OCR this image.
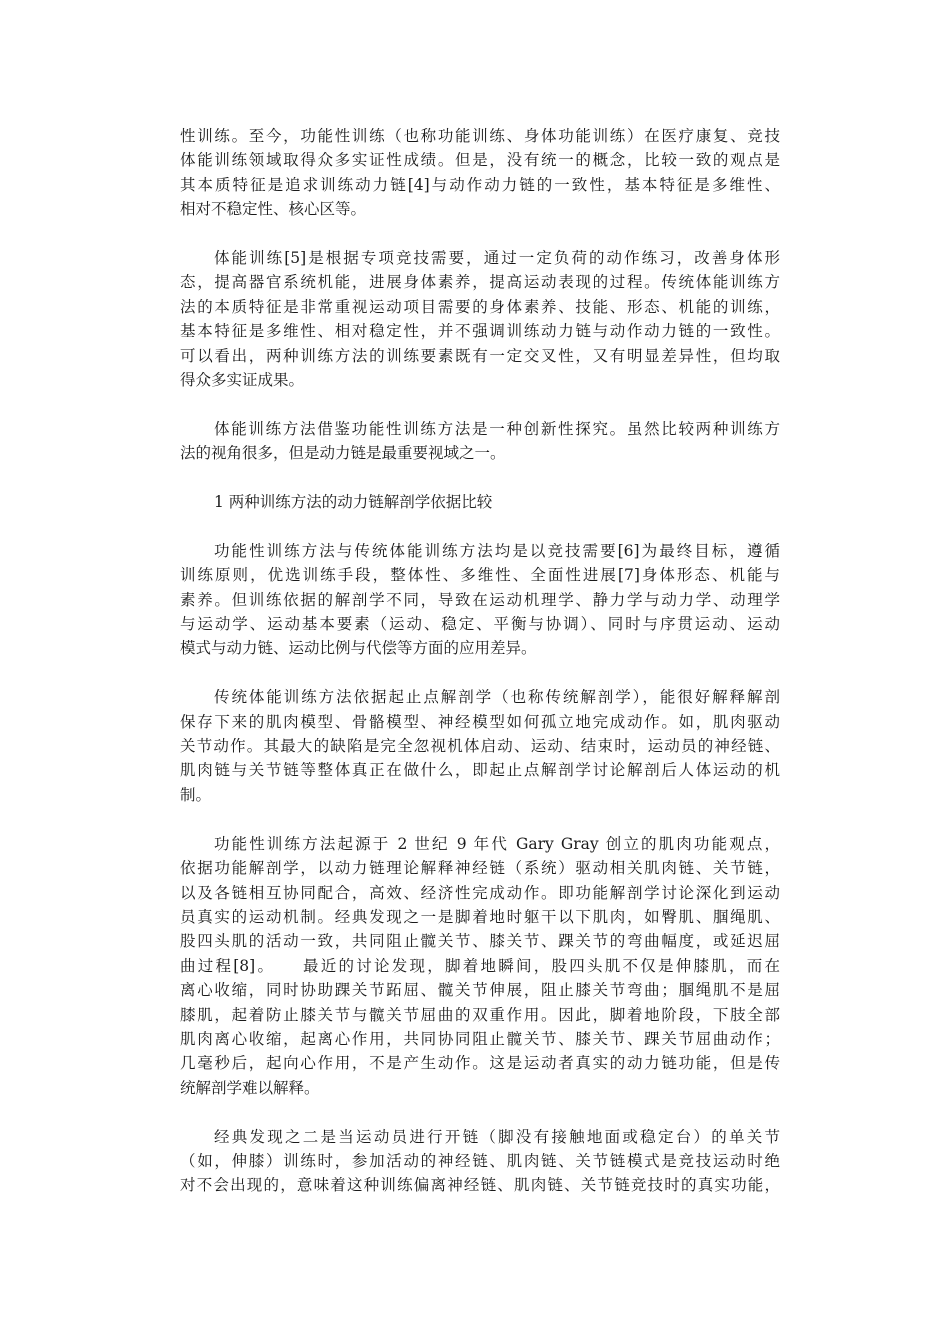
性训练。至今，功能性训练（也称功能训练、身体功能训练）在医疗康复、竞技
体能训练领域取得众多实证性成绩。但是，没有统一的概念，比较一致的观点是
其本质特征是追求训练动力链[4]与动作动力链的一致性，基本特征是多维性、
相对不稳定性、核心区等。
体能训练[5]是根据专项竞技需要，通过一定负荷的动作练习，改善身体形
态，提高器官系统机能，进展身体素养，提高运动表现的过程。传统体能训练方
法的本质特征是非常重视运动项目需要的身体素养、技能、形态、机能的训练，
基本特征是多维性、相对稳定性，并不强调训练动力链与动作动力链的一致性。
可以看出，两种训练方法的训练要素既有一定交叉性，又有明显差异性，但均取
得众多实证成果。
体能训练方法借鉴功能性训练方法是一种创新性探究。虽然比较两种训练方
法的视角很多，但是动力链是最重要视域之一。
1 两种训练方法的动力链解剖学依据比较
功能性训练方法与传统体能训练方法均是以竞技需要[6]为最终目标，遵循
训练原则，优选训练手段，整体性、多维性、全面性进展[7]身体形态、机能与
素养。但训练依据的解剖学不同，导致在运动机理学、静力学与动力学、动理学
与运动学、运动基本要素（运动、稳定、平衡与协调）、同时与序贯运动、运动
模式与动力链、运动比例与代偿等方面的应用差异。
传统体能训练方法依据起止点解剖学（也称传统解剖学），能很好解释解剖
保存下来的肌肉模型、骨骼模型、神经模型如何孤立地完成动作。如，肌肉驱动
关节动作。其最大的缺陷是完全忽视机体启动、运动、结束时，运动员的神经链、
肌肉链与关节链等整体真正在做什么，即起止点解剖学讨论解剖后人体运动的机
制。
功能性训练方法起源于 2 世纪 9 年代 Gary Gray 创立的肌肉功能观点，
依据功能解剖学，以动力链理论解释神经链（系统）驱动相关肌肉链、关节链，
以及各链相互协同配合，高效、经济性完成动作。即功能解剖学讨论深化到运动
员真实的运动机制。经典发现之一是脚着地时躯干以下肌肉，如臀肌、腘绳肌、
股四头肌的活动一致，共同阻止髋关节、膝关节、踝关节的弯曲幅度，或延迟屈
曲过程[8]。　　最近的讨论发现，脚着地瞬间，股四头肌不仅是伸膝肌，而在
离心收缩，同时协助踝关节跖屈、髋关节伸展，阻止膝关节弯曲；腘绳肌不是屈
膝肌，起着防止膝关节与髋关节屈曲的双重作用。因此，脚着地阶段，下肢全部
肌肉离心收缩，起离心作用，共同协同阻止髋关节、膝关节、踝关节屈曲动作；
几毫秒后，起向心作用，不是产生动作。这是运动者真实的动力链功能，但是传
统解剖学难以解释。
经典发现之二是当运动员进行开链（脚没有接触地面或稳定台）的单关节
（如，伸膝）训练时，参加活动的神经链、肌肉链、关节链模式是竞技运动时绝
对不会出现的，意味着这种训练偏离神经链、肌肉链、关节链竞技时的真实功能，
